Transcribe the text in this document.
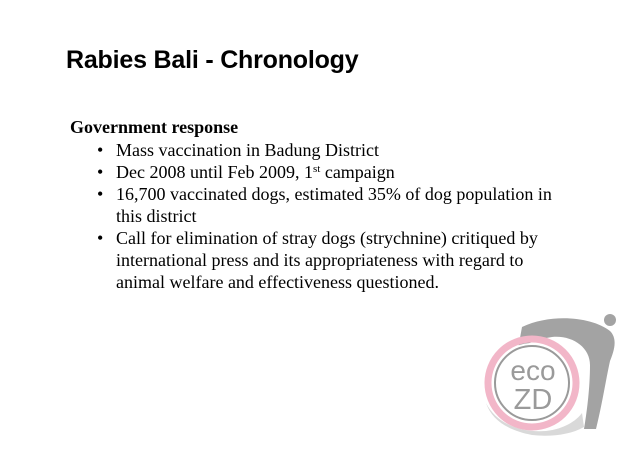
Rabies Bali - Chronology
Government response
• Mass vaccination in Badung District
• Dec 2008 until Feb 2009, 1st campaign
• 16,700 vaccinated dogs, estimated 35% of dog population in this district
• Call for elimination of stray dogs (strychnine) critiqued by international press and its appropriateness with regard to animal welfare and effectiveness questioned.
eco
ZD
